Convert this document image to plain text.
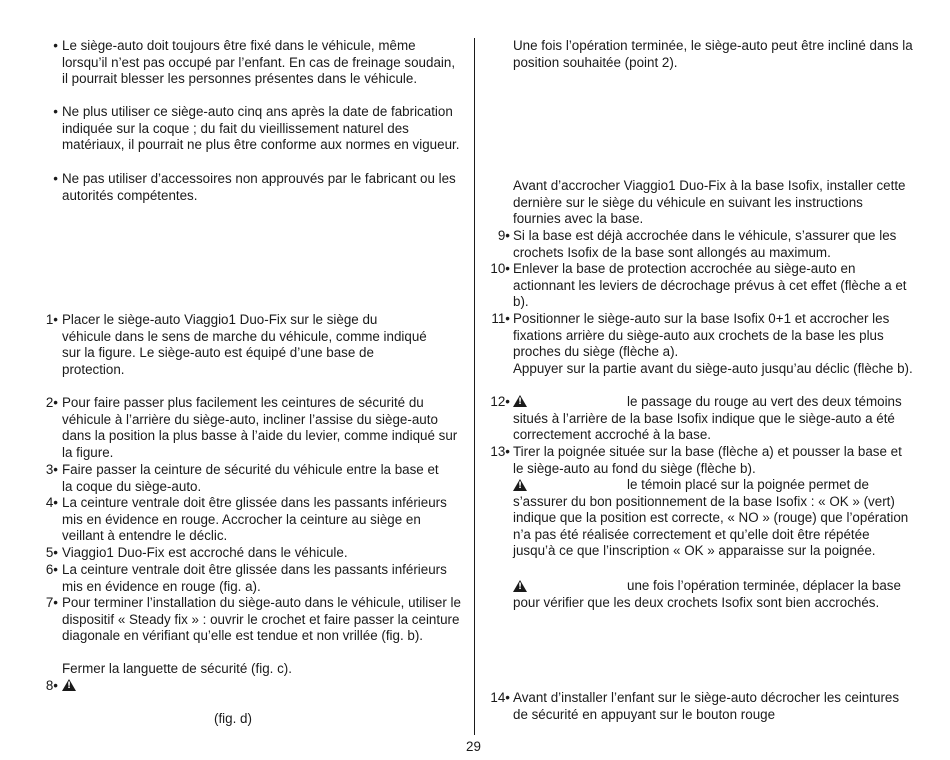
• Le siège-auto doit toujours être fixé dans le véhicule, même lorsqu’il n’est pas occupé par l’enfant. En cas de freinage soudain, il pourrait blesser les personnes présentes dans le véhicule.
• Ne plus utiliser ce siège-auto cinq ans après la date de fabrication indiquée sur la coque ; du fait du vieillissement naturel des matériaux, il pourrait ne plus être conforme aux normes en vigueur.
• Ne pas utiliser d’accessoires non approuvés par le fabricant ou les autorités compétentes.
1• Placer le siège-auto Viaggio1 Duo-Fix sur le siège du véhicule dans le sens de marche du véhicule, comme indiqué sur la figure. Le siège-auto est équipé d’une base de protection.
2• Pour faire passer plus facilement les ceintures de sécurité du véhicule à l’arrière du siège-auto, incliner l’assise du siège-auto dans la position la plus basse à l’aide du levier, comme indiqué sur la figure.
3• Faire passer la ceinture de sécurité du véhicule entre la base et la coque du siège-auto.
4• La ceinture ventrale doit être glissée dans les passants inférieurs mis en évidence en rouge. Accrocher la ceinture au siège en veillant à entendre le déclic.
5• Viaggio1 Duo-Fix est accroché dans le véhicule.
6• La ceinture ventrale doit être glissée dans les passants inférieurs mis en évidence en rouge (fig. a).
7• Pour terminer l’installation du siège-auto dans le véhicule, utiliser le dispositif « Steady fix » : ouvrir le crochet et faire passer la ceinture diagonale en vérifiant qu’elle est tendue et non vrillée (fig. b).
Fermer la languette de sécurité (fig. c).
8•
!
(fig. d)
Une fois l’opération terminée, le siège-auto peut être incliné dans la position souhaitée (point 2).
Avant d’accrocher Viaggio1 Duo-Fix à la base Isofix, installer cette dernière sur le siège du véhicule en suivant les instructions fournies avec la base.
9• Si la base est déjà accrochée dans le véhicule, s’assurer que les crochets Isofix de la base sont allongés au maximum.
10• Enlever la base de protection accrochée au siège-auto en actionnant les leviers de décrochage prévus à cet effet (flèche a et b).
11• Positionner le siège-auto sur la base Isofix 0+1 et accrocher les fixations arrière du siège-auto aux crochets de la base les plus proches du siège (flèche a).
Appuyer sur la partie avant du siège-auto jusqu’au déclic (flèche b).
12•
!	le passage du rouge au vert des deux témoins situés à l’arrière de la base Isofix indique que le siège-auto a été correctement accroché à la base.
13• Tirer la poignée située sur la base (flèche a) et pousser la base et le siège-auto au fond du siège (flèche b).
!
le témoin placé sur la poignée permet de s’assurer du bon positionnement de la base Isofix : « OK » (vert) indique que la position est correcte, « NO » (rouge) que l’opération n’a pas été réalisée correctement et qu’elle doit être répétée jusqu’à ce que l’inscription « OK » apparaisse sur la poignée.
!
une fois l’opération terminée, déplacer la base pour vérifier que les deux crochets Isofix sont bien accrochés.
14• Avant d’installer l’enfant sur le siège-auto décrocher les ceintures de sécurité en appuyant sur le bouton rouge
29
